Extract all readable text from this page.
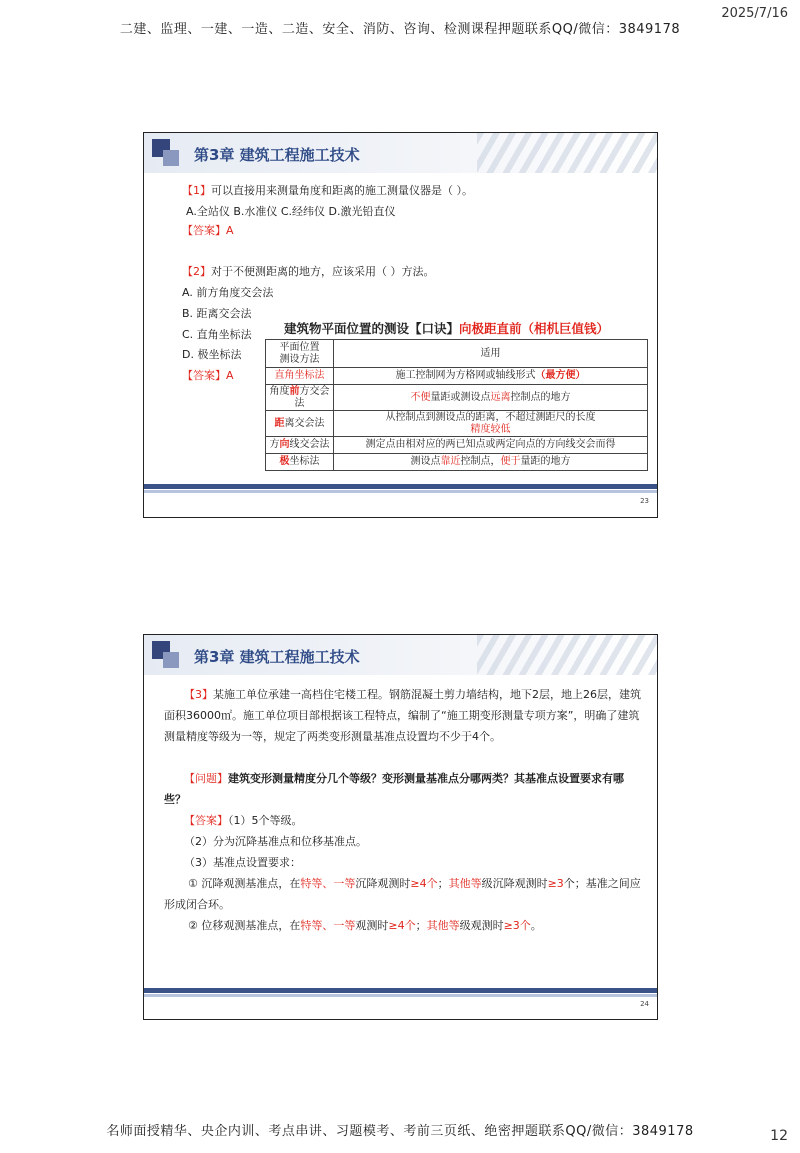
二建、监理、一建、一造、二造、安全、消防、咨询、检测课程押题联系QQ/微信：3849178
2025/7/16
名师面授精华、央企内训、考点串讲、习题模考、考前三页纸、绝密押题联系QQ/微信：3849178	12
第3章 建筑工程施工技术
【1】可以直接用来测量角度和距离的施工测量仪器是（ ）。
A.全站仪 B.水准仪 C.经纬仪 D.激光铅直仪
【答案】A
【2】对于不便测距离的地方，应该采用（ ）方法。
A. 前方角度交会法
B. 距离交会法
C. 直角坐标法
D. 极坐标法
【答案】A
建筑物平面位置的测设【口诀】向极距直前（相机巨值钱）
平面位置
测设方法	适用
直角坐标法	施工控制网为方格网或轴线形式（最方便）
角度前方交会法	不便量距或测设点远离控制点的地方
距离交会法	从控制点到测设点的距离，不超过测距尺的长度
精度较低
方向线交会法	测定点由相对应的两已知点或两定向点的方向线交会而得
极坐标法	测设点靠近控制点，便于量距的地方
23
第3章 建筑工程施工技术
【3】某施工单位承建一高档住宅楼工程。钢筋混凝土剪力墙结构，地下2层，地上26层，建筑面积36000㎡。施工单位项目部根据该工程特点，编制了“施工期变形测量专项方案”，明确了建筑测量精度等级为一等，规定了两类变形测量基准点设置均不少于4个。
【问题】建筑变形测量精度分几个等级？变形测量基准点分哪两类？其基准点设置要求有哪些？
【答案】（1）5个等级。
（2）分为沉降基准点和位移基准点。
（3）基准点设置要求：
① 沉降观测基准点，在特等、一等沉降观测时≥4个；其他等级沉降观测时≥3个；基准之间应形成闭合环。
② 位移观测基准点，在特等、一等观测时≥4个；其他等级观测时≥3个。
24
